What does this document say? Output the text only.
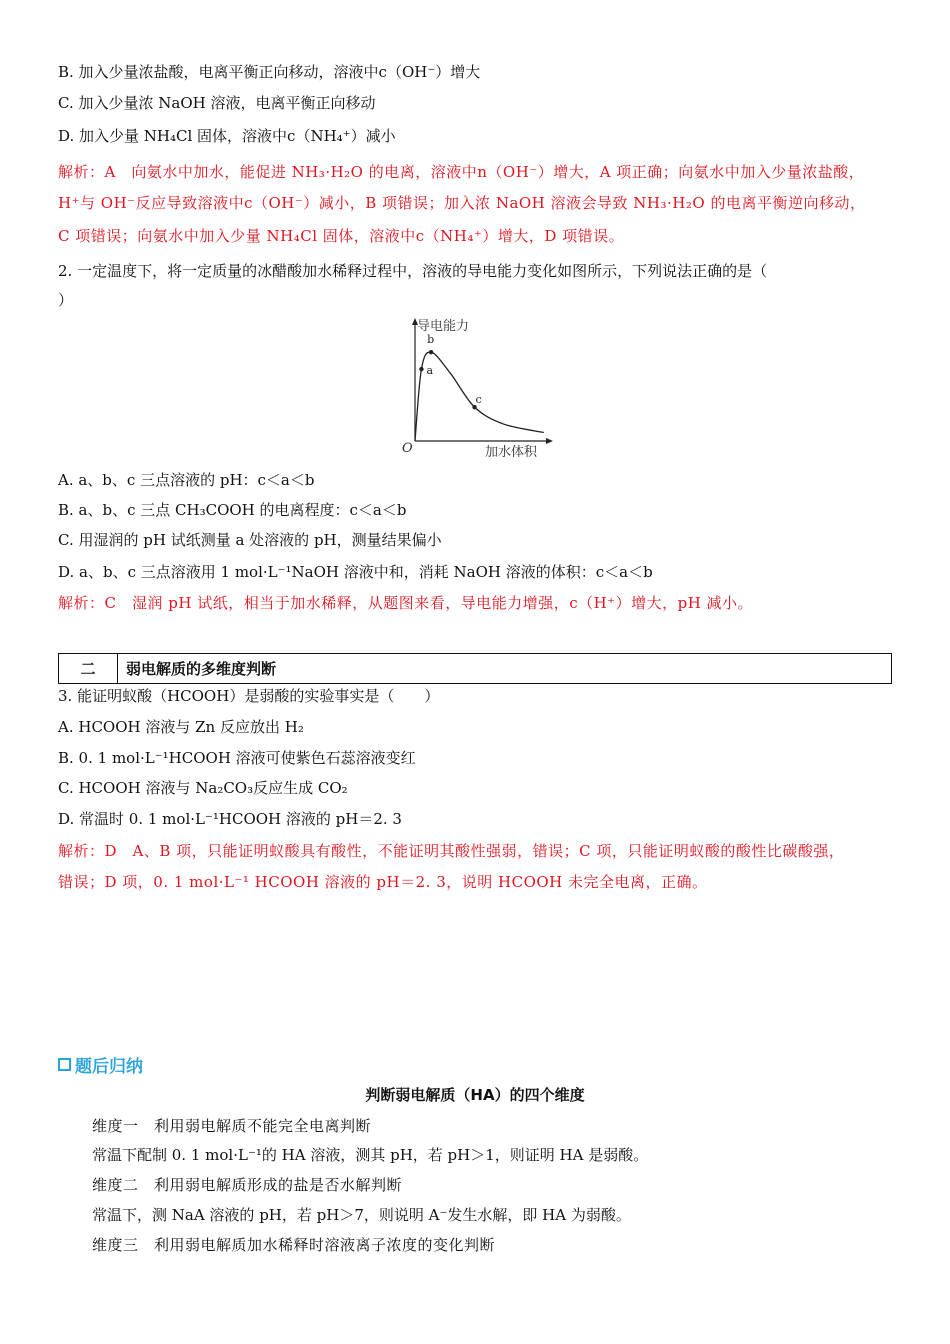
B. 加入少量浓盐酸，电离平衡正向移动，溶液中c（OH⁻）增大
C. 加入少量浓 NaOH 溶液，电离平衡正向移动
D. 加入少量 NH₄Cl 固体，溶液中c（NH₄⁺）减小
解析：A　向氨水中加水，能促进 NH₃·H₂O 的电离，溶液中n（OH⁻）增大，A 项正确；向氨水中加入少量浓盐酸，
H⁺与 OH⁻反应导致溶液中c（OH⁻）减小，B 项错误；加入浓 NaOH 溶液会导致 NH₃·H₂O 的电离平衡逆向移动，
C 项错误；向氨水中加入少量 NH₄Cl 固体，溶液中c（NH₄⁺）增大，D 项错误。
2. 一定温度下，将一定质量的冰醋酸加水稀释过程中，溶液的导电能力变化如图所示，下列说法正确的是（
）
导电能力
加水体积
O
a
b
c
A. a、b、c 三点溶液的 pH：c＜a＜b
B. a、b、c 三点 CH₃COOH 的电离程度：c＜a＜b
C. 用湿润的 pH 试纸测量 a 处溶液的 pH，测量结果偏小
D. a、b、c 三点溶液用 1 mol·L⁻¹NaOH 溶液中和，消耗 NaOH 溶液的体积：c＜a＜b
解析：C　湿润 pH 试纸，相当于加水稀释，从题图来看，导电能力增强，c（H⁺）增大，pH 减小。
二	弱电解质的多维度判断
3. 能证明蚁酸（HCOOH）是弱酸的实验事实是（　　）
A. HCOOH 溶液与 Zn 反应放出 H₂
B. 0. 1 mol·L⁻¹HCOOH 溶液可使紫色石蕊溶液变红
C. HCOOH 溶液与 Na₂CO₃反应生成 CO₂
D. 常温时 0. 1 mol·L⁻¹HCOOH 溶液的 pH＝2. 3
解析：D　A、B 项，只能证明蚁酸具有酸性，不能证明其酸性强弱，错误；C 项，只能证明蚁酸的酸性比碳酸强，
错误；D 项，0. 1 mol·L⁻¹ HCOOH 溶液的 pH＝2. 3，说明 HCOOH 未完全电离，正确。
题后归纳
判断弱电解质（HA）的四个维度
维度一　利用弱电解质不能完全电离判断
常温下配制 0. 1 mol·L⁻¹的 HA 溶液，测其 pH，若 pH＞1，则证明 HA 是弱酸。
维度二　利用弱电解质形成的盐是否水解判断
常温下，测 NaA 溶液的 pH，若 pH＞7，则说明 A⁻发生水解，即 HA 为弱酸。
维度三　利用弱电解质加水稀释时溶液离子浓度的变化判断
